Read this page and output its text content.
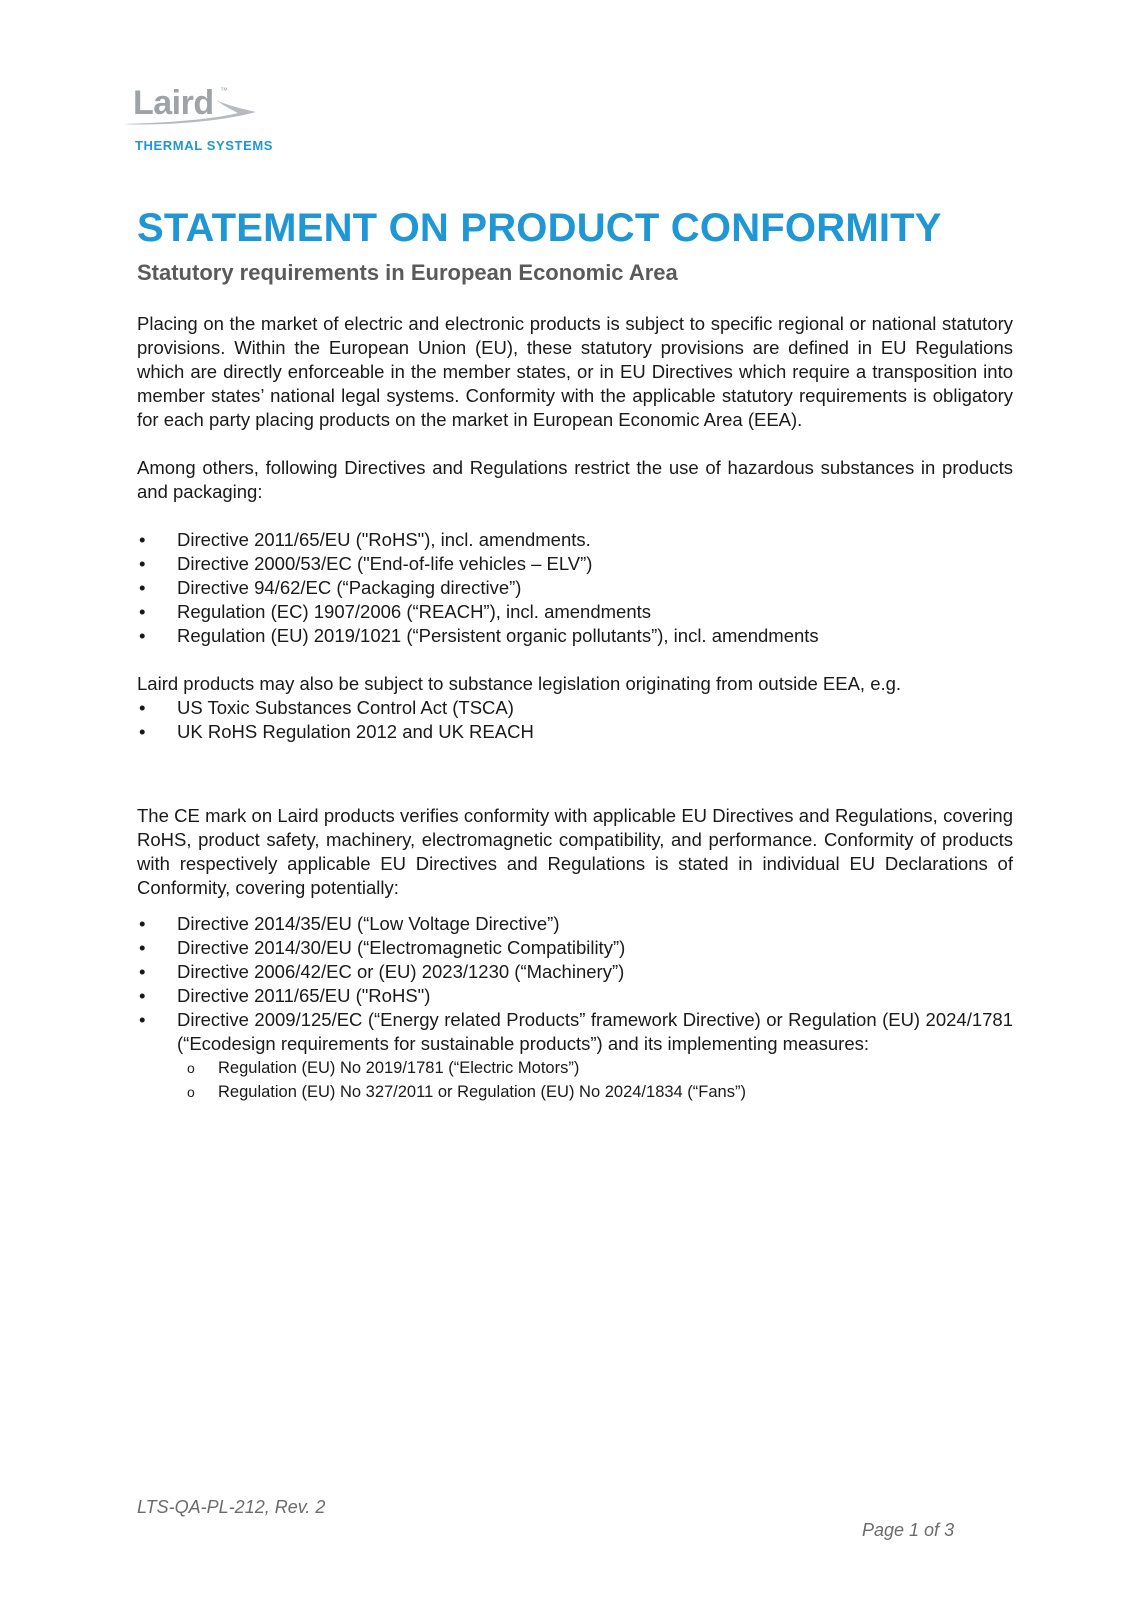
Laird ™
THERMAL SYSTEMS
STATEMENT ON PRODUCT CONFORMITY
Statutory requirements in European Economic Area

Placing on the market of electric and electronic products is subject to specific regional or national statutory provisions. Within the European Union (EU), these statutory provisions are defined in EU Regulations which are directly enforceable in the member states, or in EU Directives which require a transposition into member states’ national legal systems. Conformity with the applicable statutory requirements is obligatory for each party placing products on the market in European Economic Area (EEA).

Among others, following Directives and Regulations restrict the use of hazardous substances in products and packaging:

• Directive 2011/65/EU ("RoHS"), incl. amendments.
• Directive 2000/53/EC ("End-of-life vehicles – ELV”)
• Directive 94/62/EC (“Packaging directive”)
• Regulation (EC) 1907/2006 (“REACH”), incl. amendments
• Regulation (EU) 2019/1021 (“Persistent organic pollutants”), incl. amendments

Laird products may also be subject to substance legislation originating from outside EEA, e.g.

• US Toxic Substances Control Act (TSCA)
• UK RoHS Regulation 2012 and UK REACH

The CE mark on Laird products verifies conformity with applicable EU Directives and Regulations, covering RoHS, product safety, machinery, electromagnetic compatibility, and performance. Conformity of products with respectively applicable EU Directives and Regulations is stated in individual EU Declarations of Conformity, covering potentially:

• Directive 2014/35/EU (“Low Voltage Directive”)
• Directive 2014/30/EU (“Electromagnetic Compatibility”)
• Directive 2006/42/EC or (EU) 2023/1230 (“Machinery”)
• Directive 2011/65/EU ("RoHS")
• Directive 2009/125/EC (“Energy related Products” framework Directive) or Regulation (EU) 2024/1781 (“Ecodesign requirements for sustainable products”) and its implementing measures:
o Regulation (EU) No 2019/1781 (“Electric Motors”)
o Regulation (EU) No 327/2011 or Regulation (EU) No 2024/1834 (“Fans”)
LTS-QA-PL-212, Rev. 2
Page 1 of 3
